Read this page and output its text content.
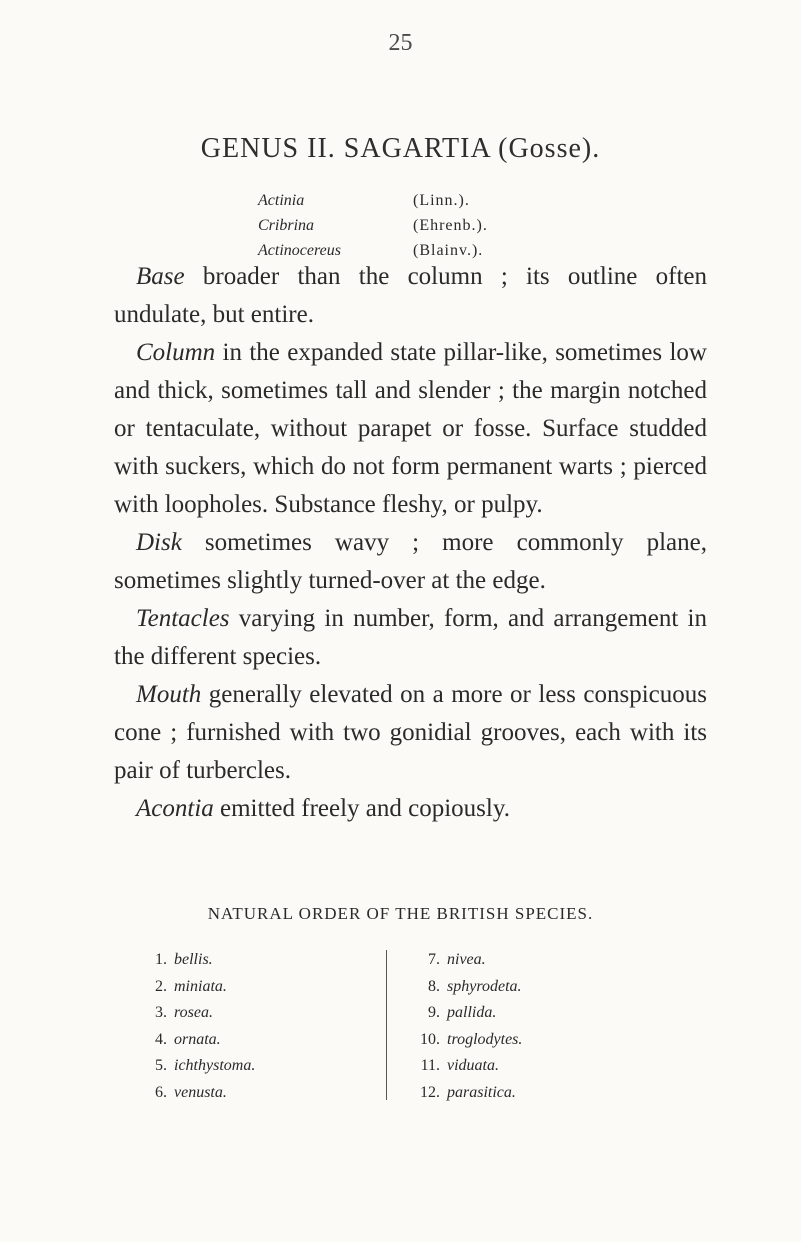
25
GENUS II. SAGARTIA (Gosse).
Actinia	(Linn.).
Cribrina	(Ehrenb.).
Actinocereus	(Blainv.).

Base broader than the column ; its outline often undulate, but entire.

Column in the expanded state pillar-like, sometimes low and thick, sometimes tall and slender ; the margin notched or tentaculate, without parapet or fosse. Surface studded with suckers, which do not form permanent warts ; pierced with loopholes. Substance fleshy, or pulpy.

Disk sometimes wavy ; more commonly plane, sometimes slightly turned-over at the edge.

Tentacles varying in number, form, and arrangement in the different species.

Mouth generally elevated on a more or less conspicuous cone ; furnished with two gonidial grooves, each with its pair of turbercles.

Acontia emitted freely and copiously.

NATURAL ORDER OF THE BRITISH SPECIES.
1. bellis.
2. miniata.
3. rosea.
4. ornata.
5. ichthystoma.
6. venusta.
7. nivea.
8. sphyrodeta.
9. pallida.
10. troglodytes.
11. viduata.
12. parasitica.
